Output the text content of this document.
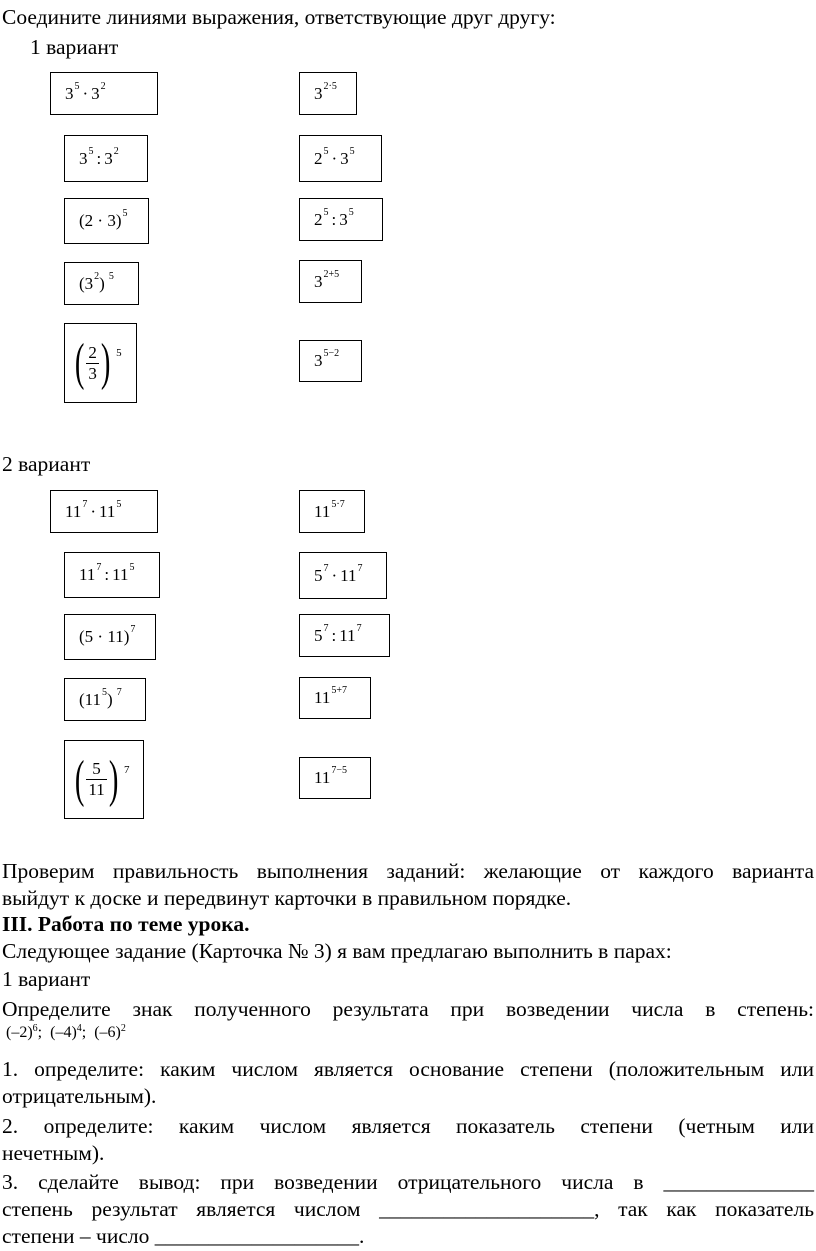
Соедините линиями выражения, ответствующие друг другу:
1 вариант
$3^5 \cdot 3^2$
$3^5$ : $3^2$
$(2 \cdot 3)^5$
($3^2$ ) $^5$
( $\frac{2}{3}$ ) 5
$3^{2\cdot 5}$
$2^5 \cdot 3^5$
$2^5$ : $3^5$
$3^{2+5}$
$3^{5-2}$
2 вариант
$11^7 \cdot 11^5$
$11^7$ : $11^5$
$(5 \cdot 11)^7$
($11^5$ ) $^7$
( $\frac{5}{11}$ ) 7
$11^{5\cdot 7}$
$5^7 \cdot 11^7$
$5^7$ : $11^7$
$11^{5+7}$
$11^{7-5}$
Проверим правильность выполнения заданий: желающие от каждого варианта
выйдут к доске и передвинут карточки в правильном порядке.
III. Работа по теме урока.
Следующее задание (Карточка № 3) я вам предлагаю выполнить в парах:
1 вариант
Определите знак полученного результата при возведении числа в степень:
$(-2)^6$; $(-4)^4$; $(-6)^2$
1. определите: каким числом является основание степени (положительным или
отрицательным).
2. определите: каким числом является показатель степени (четным или
нечетным).
3. сделайте вывод: при возведении отрицательного числа в ______________
степень результат является числом ____________________, так как показатель
степени – число ___________________.
